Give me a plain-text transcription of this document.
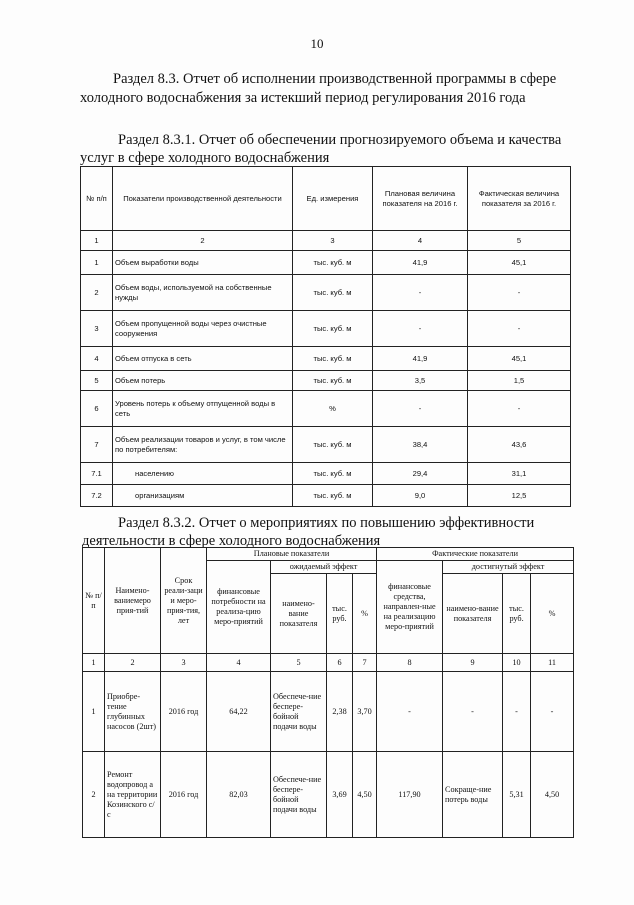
10
Раздел 8.3. Отчет об исполнении производственной программы в сфере
холодного водоснабжения за истекший период регулирования 2016 года
Раздел 8.3.1. Отчет об обеспечении прогнозируемого объема и качества
услуг в сфере холодного водоснабжения
№ п/п	Показатели производственной деятельности	Ед. измерения	Плановая величина показателя на 2016 г.	Фактическая величина показателя за 2016 г.
1	2	3	4	5
1	Объем выработки воды	тыс. куб. м	41,9	45,1
2	Объем воды, используемой на собственные нужды	тыс. куб. м	-	-
3	Объем пропущенной воды через очистные сооружения	тыс. куб. м	-	-
4	Объем отпуска в сеть	тыс. куб. м	41,9	45,1
5	Объем потерь	тыс. куб. м	3,5	1,5
6	Уровень потерь к объему отпущенной воды в сеть	%	-	-
7	Объем реализации товаров и услуг, в том числе по потребителям:	тыс. куб. м	38,4	43,6
7.1	населению	тыс. куб. м	29,4	31,1
7.2	организациям	тыс. куб. м	9,0	12,5
Раздел 8.3.2. Отчет о мероприятиях по повышению эффективности
деятельности в сфере холодного водоснабжения
№ п/п	Наимено-ваниемеро прия-тий	Срок реали-заци и меро-прия-тия, лет	Плановые показатели				Фактические показатели			
			финансовые потребности на реализа-цию меро-приятий	ожидаемый эффект			финансовые средства, направлен-ные на реализацию меро-приятий	достигнутый эффект		
				наимено-вание показателя	тыс. руб.	%		наимено-вание показателя	тыс. руб.	%
1	2	3	4	5	6	7	8	9	10	11
1	Приобре-тение глубинных насосов (2шт)	2016 год	64,22	Обеспече-ние беспере-бойной подачи воды	2,38	3,70	-	-	-	-
2	Ремонт водопровод а на территории Козинского с/с	2016 год	82,03	Обеспече-ние беспере-бойной подачи воды	3,69	4,50	117,90	Сокраще-ние потерь воды	5,31	4,50
